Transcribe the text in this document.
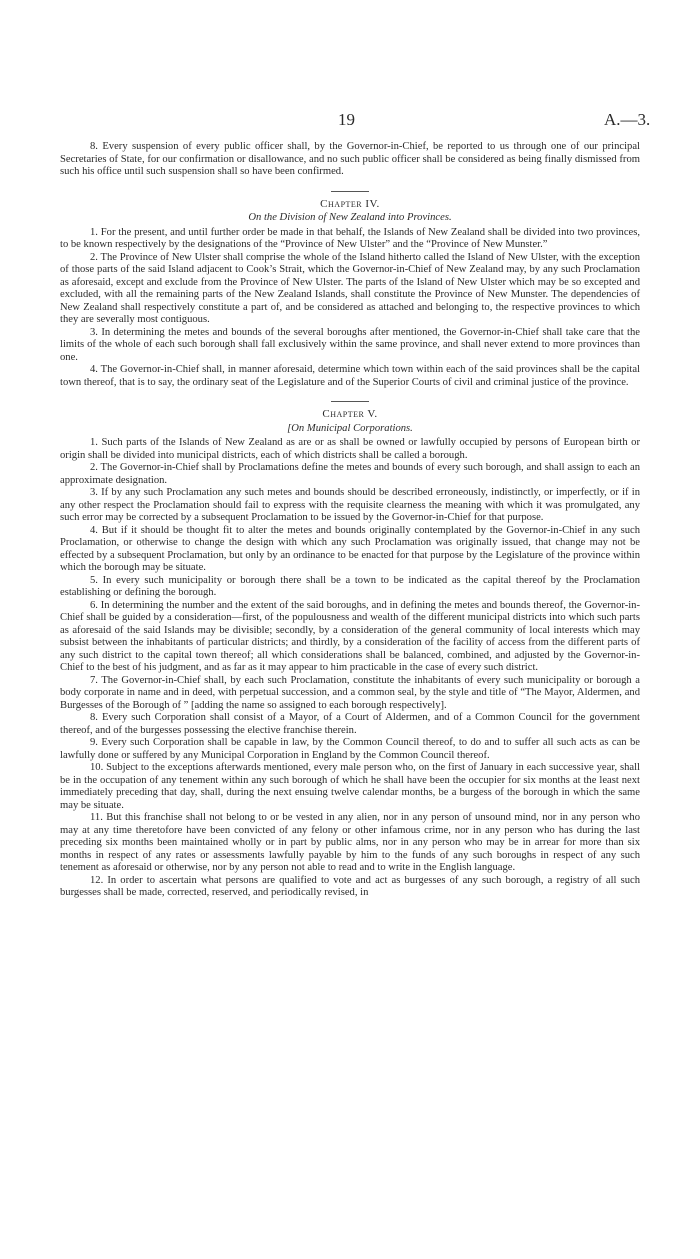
19	A.—3.

8. Every suspension of every public officer shall, by the Governor-in-Chief, be reported to us through one of our principal Secretaries of State, for our confirmation or disallowance, and no such public officer shall be considered as being finally dismissed from such his office until such suspension shall so have been confirmed.

Chapter IV.
On the Division of New Zealand into Provinces.

1. For the present, and until further order be made in that behalf, the Islands of New Zealand shall be divided into two provinces, to be known respectively by the designations of the “Province of New Ulster” and the “Province of New Munster.”

2. The Province of New Ulster shall comprise the whole of the Island hitherto called the Island of New Ulster, with the exception of those parts of the said Island adjacent to Cook’s Strait, which the Governor-in-Chief of New Zealand may, by any such Proclamation as aforesaid, except and exclude from the Province of New Ulster. The parts of the Island of New Ulster which may be so excepted and excluded, with all the remaining parts of the New Zealand Islands, shall constitute the Province of New Munster. The dependencies of New Zealand shall respectively constitute a part of, and be considered as attached and belonging to, the respective provinces to which they are severally most contiguous.

3. In determining the metes and bounds of the several boroughs after mentioned, the Governor-in-Chief shall take care that the limits of the whole of each such borough shall fall exclusively within the same province, and shall never extend to more provinces than one.

4. The Governor-in-Chief shall, in manner aforesaid, determine which town within each of the said provinces shall be the capital town thereof, that is to say, the ordinary seat of the Legislature and of the Superior Courts of civil and criminal justice of the province.

Chapter V.
[On Municipal Corporations.

1. Such parts of the Islands of New Zealand as are or as shall be owned or lawfully occupied by persons of European birth or origin shall be divided into municipal districts, each of which districts shall be called a borough.

2. The Governor-in-Chief shall by Proclamations define the metes and bounds of every such borough, and shall assign to each an approximate designation.

3. If by any such Proclamation any such metes and bounds should be described erroneously, indistinctly, or imperfectly, or if in any other respect the Proclamation should fail to express with the requisite clearness the meaning with which it was promulgated, any such error may be corrected by a subsequent Proclamation to be issued by the Governor-in-Chief for that purpose.

4. But if it should be thought fit to alter the metes and bounds originally contemplated by the Governor-in-Chief in any such Proclamation, or otherwise to change the design with which any such Proclamation was originally issued, that change may not be effected by a subsequent Proclamation, but only by an ordinance to be enacted for that purpose by the Legislature of the province within which the borough may be situate.

5. In every such municipality or borough there shall be a town to be indicated as the capital thereof by the Proclamation establishing or defining the borough.

6. In determining the number and the extent of the said boroughs, and in defining the metes and bounds thereof, the Governor-in-Chief shall be guided by a consideration—first, of the populousness and wealth of the different municipal districts into which such parts as aforesaid of the said Islands may be divisible; secondly, by a consideration of the general community of local interests which may subsist between the inhabitants of particular districts; and thirdly, by a consideration of the facility of access from the different parts of any such district to the capital town thereof; all which considerations shall be balanced, combined, and adjusted by the Governor-in-Chief to the best of his judgment, and as far as it may appear to him practicable in the case of every such district.

7. The Governor-in-Chief shall, by each such Proclamation, constitute the inhabitants of every such municipality or borough a body corporate in name and in deed, with perpetual succession, and a common seal, by the style and title of “The Mayor, Aldermen, and Burgesses of the Borough of ” [adding the name so assigned to each borough respectively].

8. Every such Corporation shall consist of a Mayor, of a Court of Aldermen, and of a Common Council for the government thereof, and of the burgesses possessing the elective franchise therein.

9. Every such Corporation shall be capable in law, by the Common Council thereof, to do and to suffer all such acts as can be lawfully done or suffered by any Municipal Corporation in England by the Common Council thereof.

10. Subject to the exceptions afterwards mentioned, every male person who, on the first of January in each successive year, shall be in the occupation of any tenement within any such borough of which he shall have been the occupier for six months at the least next immediately preceding that day, shall, during the next ensuing twelve calendar months, be a burgess of the borough in which the same may be situate.

11. But this franchise shall not belong to or be vested in any alien, nor in any person of unsound mind, nor in any person who may at any time theretofore have been convicted of any felony or other infamous crime, nor in any person who has during the last preceding six months been maintained wholly or in part by public alms, nor in any person who may be in arrear for more than six months in respect of any rates or assessments lawfully payable by him to the funds of any such boroughs in respect of any such tenement as aforesaid or otherwise, nor by any person not able to read and to write in the English language.

12. In order to ascertain what persons are qualified to vote and act as burgesses of any such borough, a registry of all such burgesses shall be made, corrected, reserved, and periodically revised, in
